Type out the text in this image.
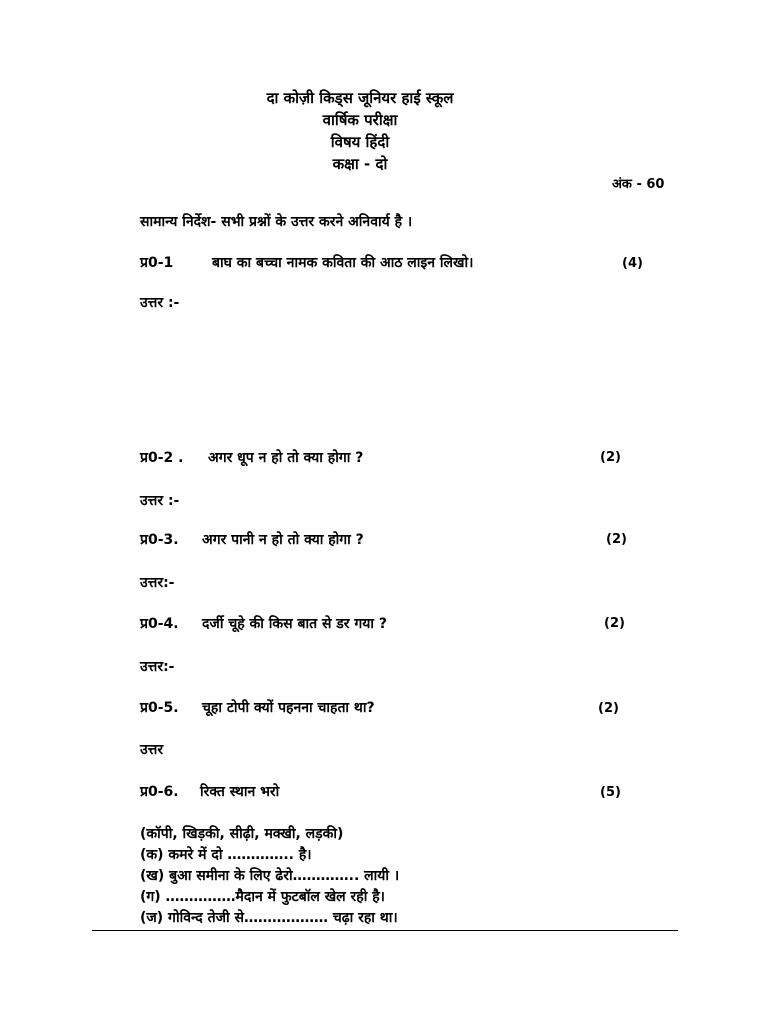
दा कोज़ी किड्स जूनियर हाई स्कूल
वार्षिक परीक्षा
विषय हिंदी
कक्षा - दो
अंक - 60
सामान्य निर्देश- सभी प्रश्नों के उत्तर करने अनिवार्य है ।
प्र0-1	बाघ का बच्चा नामक कविता की आठ लाइन लिखो।	(4)
उत्तर :-
प्र0-2 . अगर धूप न हो तो क्या होगा ?	(2)
उत्तर :-
प्र0-3. अगर पानी न हो तो क्या होगा ?	(2)
उत्तर:-
प्र0-4. दर्जी चूहे की किस बात से डर गया ?	(2)
उत्तर:-
प्र0-5. चूहा टोपी क्यों पहनना चाहता था?	(2)
उत्तर
प्र0-6. रिक्त स्थान भरो	(5)
(कॉपी, खिड़की, सीढ़ी, मक्खी, लड़की)
(क) कमरे में दो ………….. है।
(ख) बुआ समीना के लिए ढेरो………….. लायी ।
(ग) ……………मैदान में फुटबॉल खेल रही है।
(ज) गोविन्द तेजी से……………… चढ़ा रहा था।
